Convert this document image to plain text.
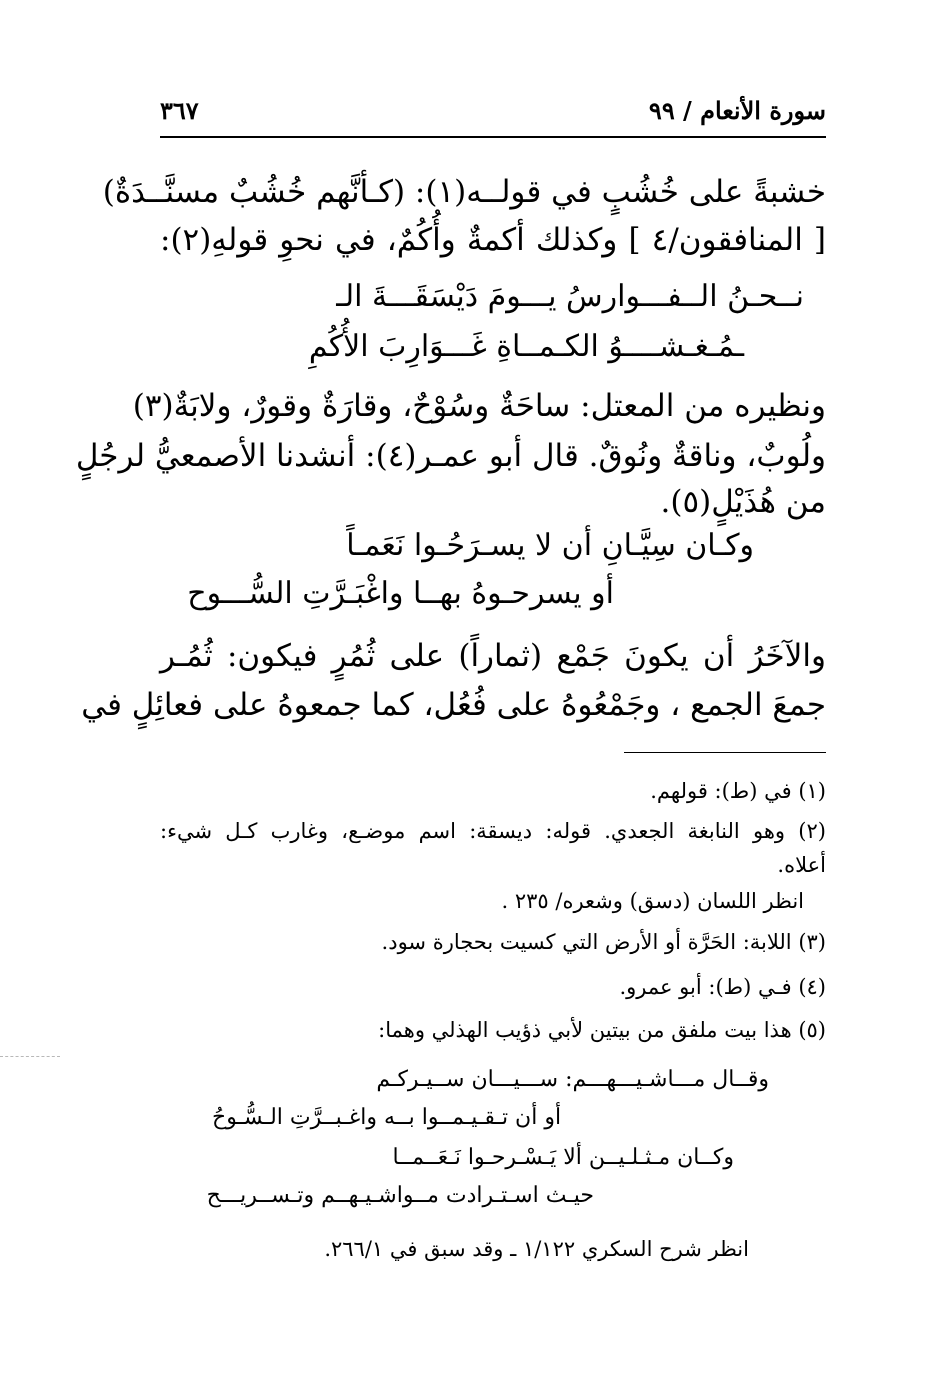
سورة الأنعام / ٩٩
٣٦٧
خشبةً على خُشُبٍ في قولــه(١): (كـأنَّهم خُشُبٌ مسنَّــدَةٌ)
[ المنافقون/٤ ] وكذلك أكمةٌ وأُكُمٌ، في نحوِ قولهِ(٢):
نــحـنُ الــفـــوارسُ يـــومَ دَيْسَقَـــةَ الـ
ـمُـغـشــــوُ الكـمــاةِ غَـــوَارِبَ الأُكُمِ
ونظيره من المعتل: ساحَةٌ وسُوْحٌ، وقارَةٌ وقورٌ، ولابَةٌ(٣)
ولُوبٌ، وناقةٌ ونُوقٌ. قال أبو عمـر(٤): أنشدنا الأصمعيُّ لرجُلٍ
من هُذَيْلٍ(٥).
وكـان سِيَّـانِ أن لا يسـرَحُـوا نَعَمـاً
أو يسرحـوهُ بهــا واغْبَـرَّتِ السُّـــوح
والآخَرُ أن يكونَ جَمْع (ثماراً) على ثُمُرٍ فيكون: ثُمُـر
جمعَ الجمع ، وجَمْعُوهُ على فُعُل، كما جمعوهُ على فعائِلٍ في
(١) في (ط): قولهم.
(٢) وهو النابغة الجعدي. قوله: ديسقة: اسم موضـع، وغارب كـل شيء:
أعلاه.
انظر اللسان (دسق) وشعره/ ٢٣٥ .
(٣) اللابة: الحَرَّة أو الأرض التي كسيت بحجارة سود.
(٤) فـي (ط): أبو عمرو.
(٥) هذا بيت ملفق من بيتين لأبي ذؤيب الهذلي وهما:
وقــال مـــاشـيـــهـــم: ســـيـــان ســيـركـم
أو أن تـقـيـمــوا بــه واغـبــرَّتِ الـسُّـوحُ
وكــان مـثـلـيــن ألا يَـسْـرحـوا نَـعَــمــا
حيـث اسـتـرادت مــواشـيـهــم وتـســريـــح
انظر شرح السكري ١/١٢٢ ـ وقد سبق في ٢٦٦/١.
